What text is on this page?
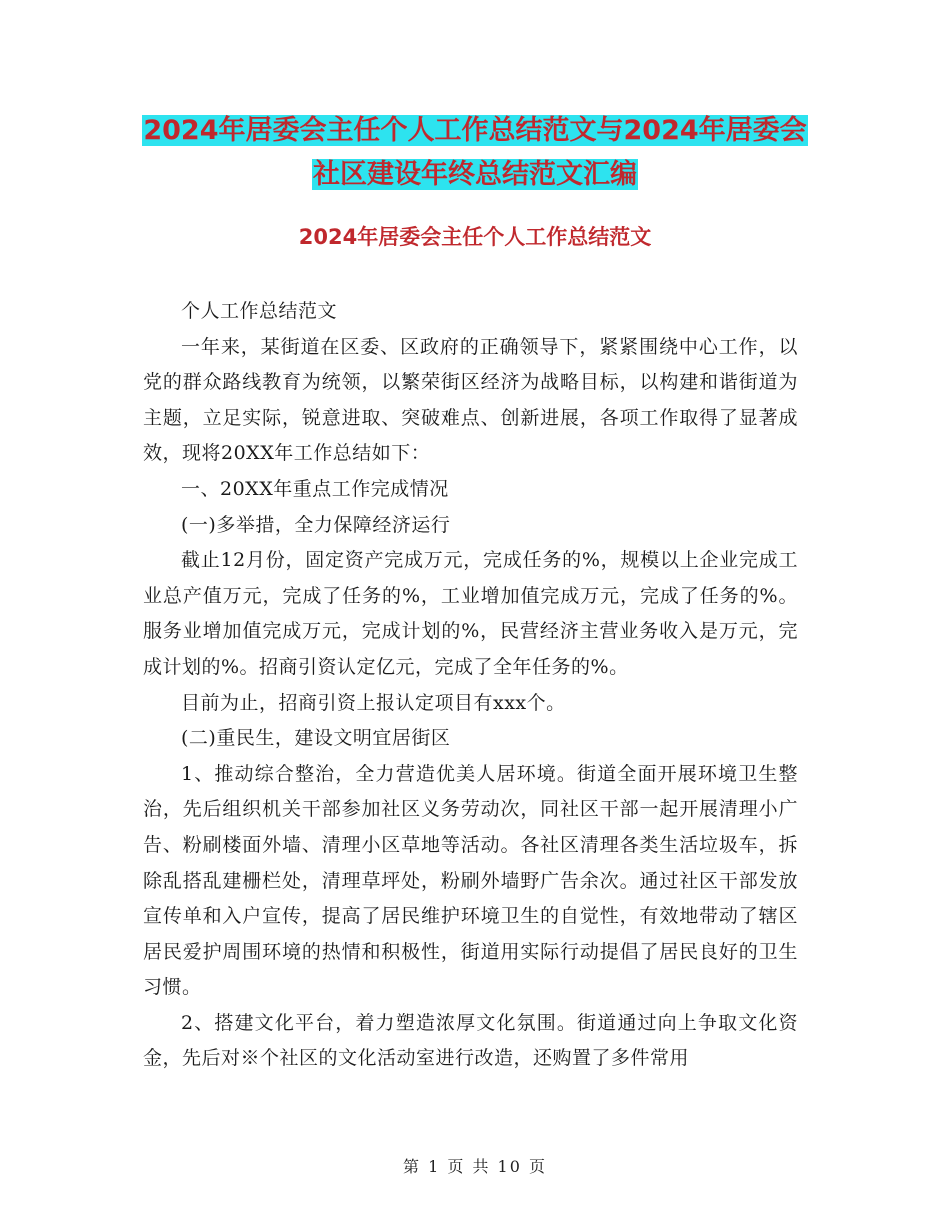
2024年居委会主任个人工作总结范文与2024年居委会
社区建设年终总结范文汇编
2024年居委会主任个人工作总结范文

个人工作总结范文

一年来，某街道在区委、区政府的正确领导下，紧紧围绕中心工作，以党的群众路线教育为统领，以繁荣街区经济为战略目标，以构建和谐街道为主题，立足实际，锐意进取、突破难点、创新进展，各项工作取得了显著成效，现将20XX年工作总结如下：

一、20XX年重点工作完成情况

(一)多举措，全力保障经济运行

截止12月份，固定资产完成万元，完成任务的%，规模以上企业完成工业总产值万元，完成了任务的%，工业增加值完成万元，完成了任务的%。服务业增加值完成万元，完成计划的%，民营经济主营业务收入是万元，完成计划的%。招商引资认定亿元，完成了全年任务的%。

目前为止，招商引资上报认定项目有xxx个。

(二)重民生，建设文明宜居街区

1、推动综合整治，全力营造优美人居环境。街道全面开展环境卫生整治，先后组织机关干部参加社区义务劳动次，同社区干部一起开展清理小广告、粉刷楼面外墙、清理小区草地等活动。各社区清理各类生活垃圾车，拆除乱搭乱建栅栏处，清理草坪处，粉刷外墙野广告余次。通过社区干部发放宣传单和入户宣传，提高了居民维护环境卫生的自觉性，有效地带动了辖区居民爱护周围环境的热情和积极性，街道用实际行动提倡了居民良好的卫生习惯。

2、搭建文化平台，着力塑造浓厚文化氛围。街道通过向上争取文化资金，先后对※个社区的文化活动室进行改造，还购置了多件常用

第 1 页 共 10 页
